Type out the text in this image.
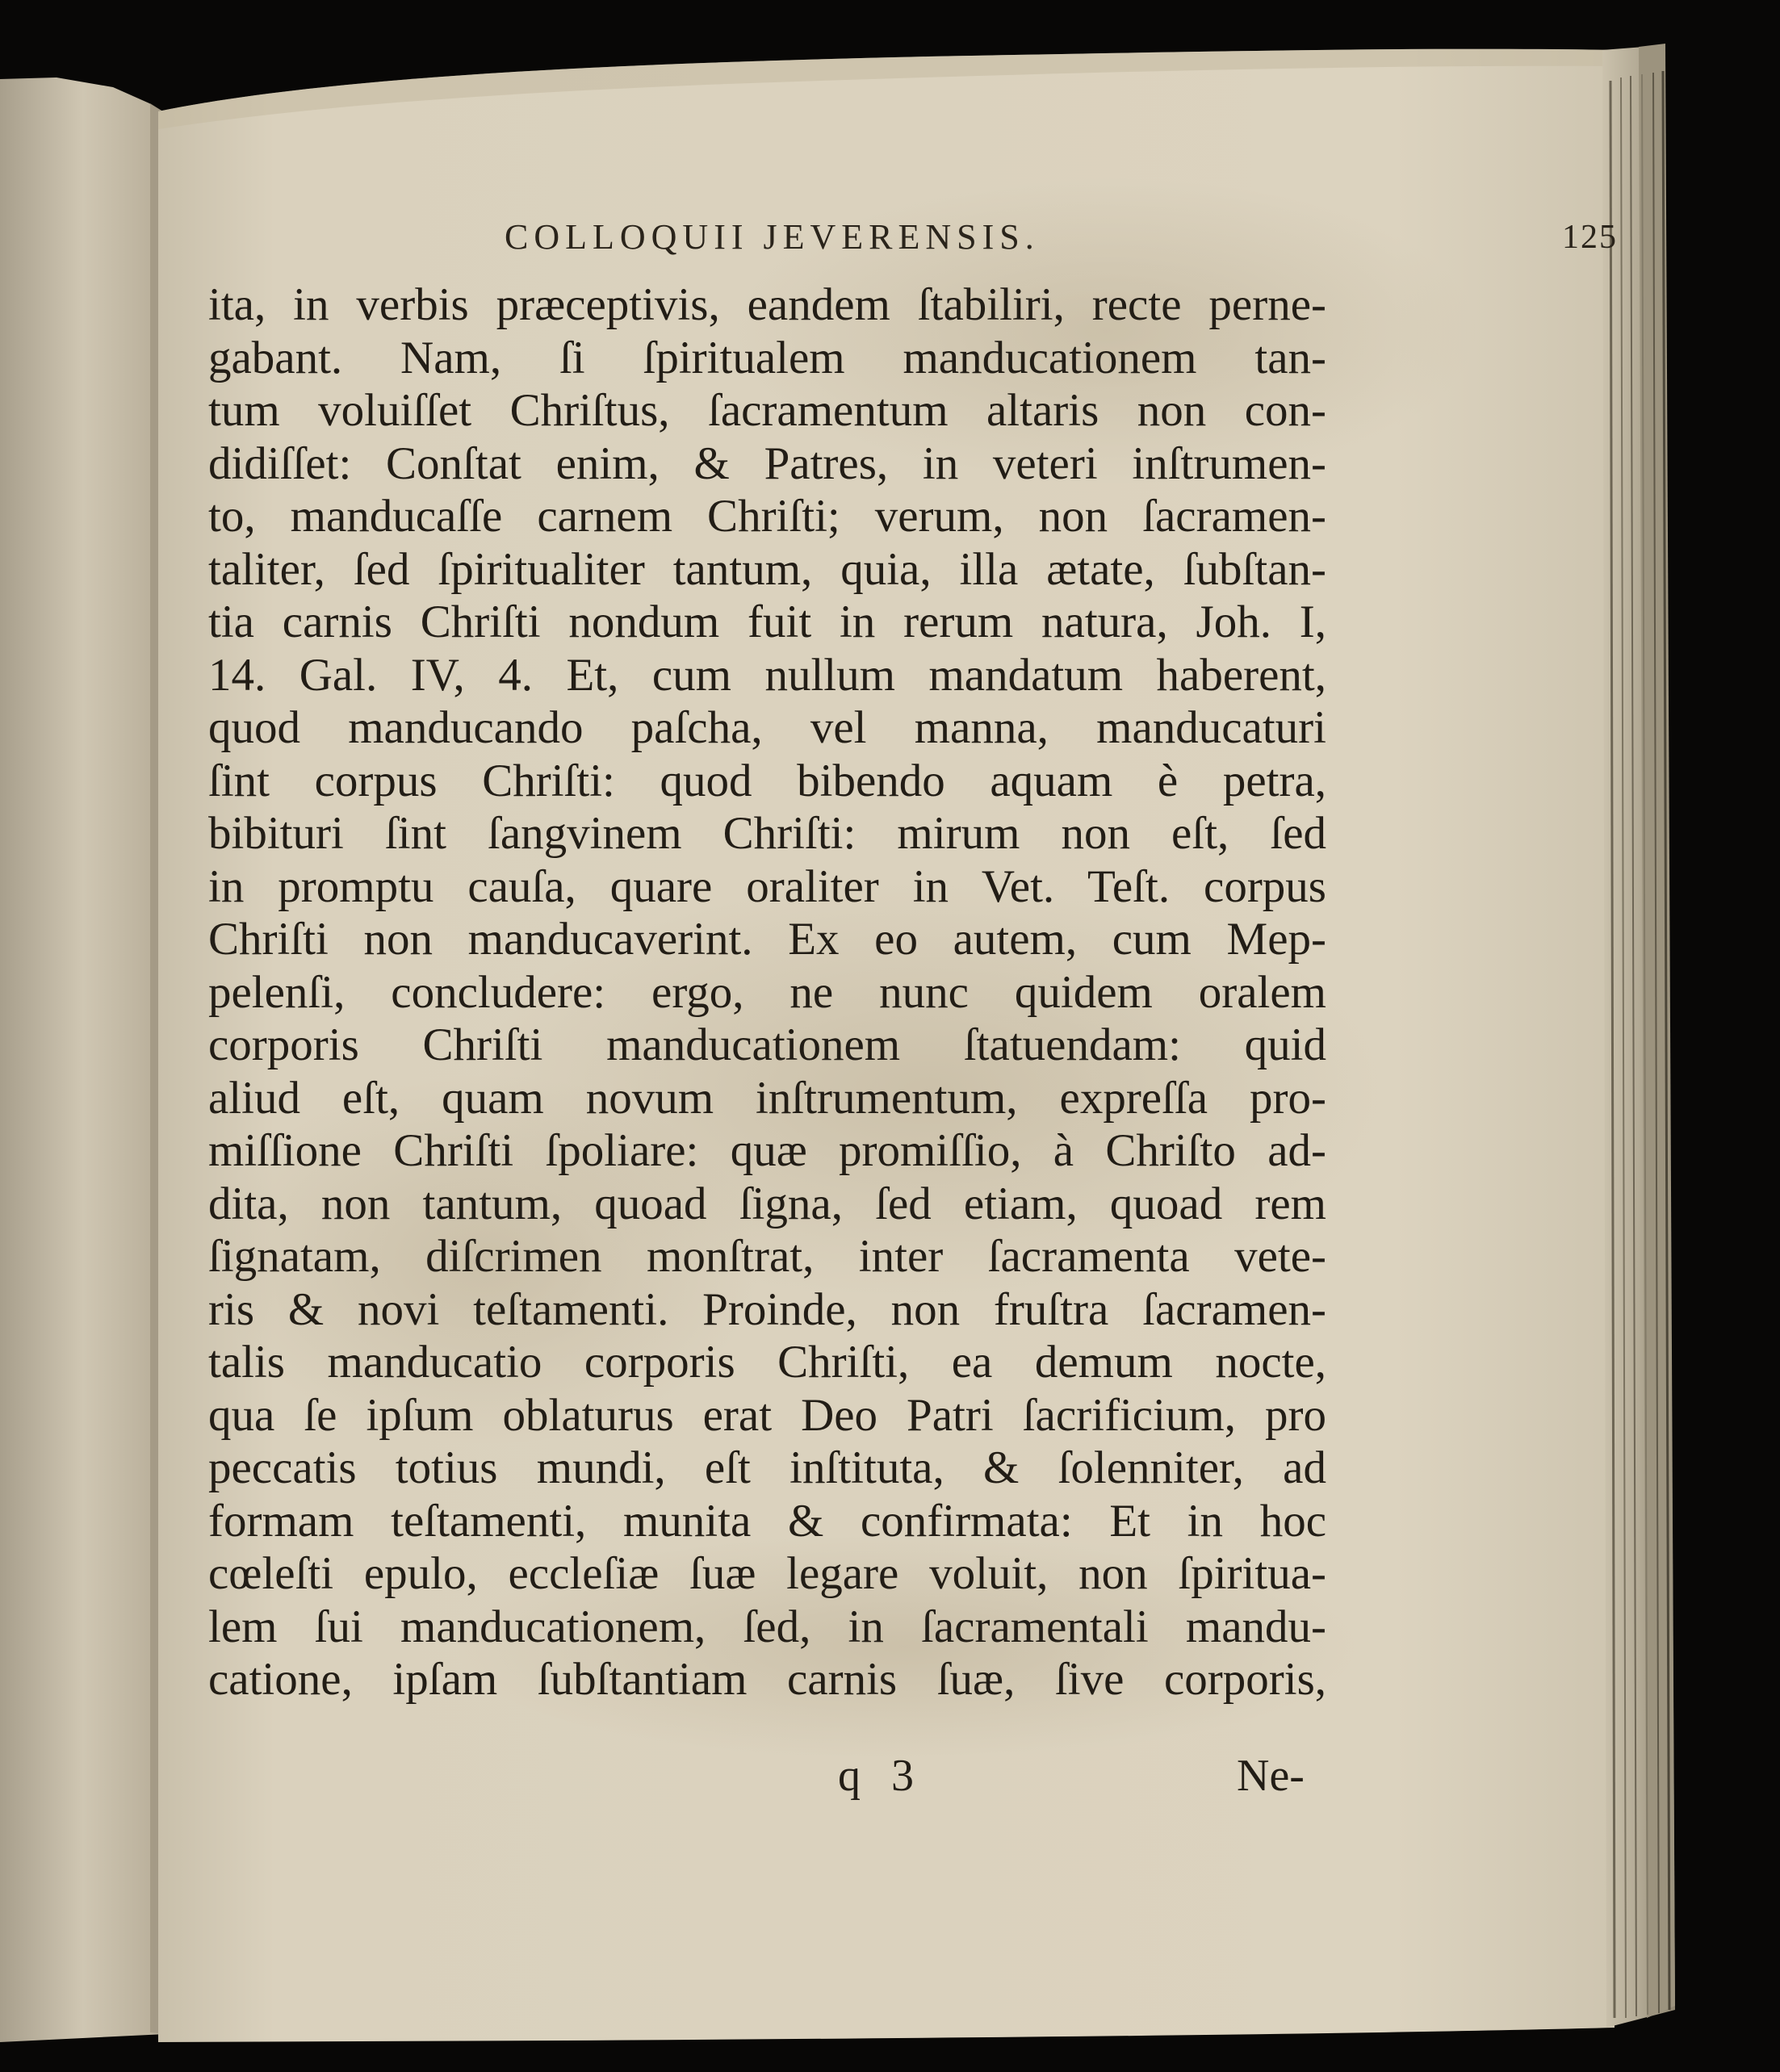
COLLOQUII JEVERENSIS.	125
ita, in verbis præceptivis, eandem ſtabiliri, recte perne-
gabant. Nam, ſi ſpiritualem manducationem tan-
tum voluiſſet Chriſtus, ſacramentum altaris non con-
didiſſet: Conſtat enim, & Patres, in veteri inſtrumen-
to, manducaſſe carnem Chriſti; verum, non ſacramen-
taliter, ſed ſpiritualiter tantum, quia, illa ætate, ſubſtan-
tia carnis Chriſti nondum fuit in rerum natura, Joh. I,
14. Gal. IV, 4. Et, cum nullum mandatum haberent,
quod manducando paſcha, vel manna, manducaturi
ſint corpus Chriſti: quod bibendo aquam è petra,
bibituri ſint ſangvinem Chriſti: mirum non eſt, ſed
in promptu cauſa, quare oraliter in Vet. Teſt. corpus
Chriſti non manducaverint. Ex eo autem, cum Mep-
pelenſi, concludere: ergo, ne nunc quidem oralem
corporis Chriſti manducationem ſtatuendam: quid
aliud eſt, quam novum inſtrumentum, expreſſa pro-
miſſione Chriſti ſpoliare: quæ promiſſio, à Chriſto ad-
dita, non tantum, quoad ſigna, ſed etiam, quoad rem
ſignatam, diſcrimen monſtrat, inter ſacramenta vete-
ris & novi teſtamenti. Proinde, non fruſtra ſacramen-
talis manducatio corporis Chriſti, ea demum nocte,
qua ſe ipſum oblaturus erat Deo Patri ſacrificium, pro
peccatis totius mundi, eſt inſtituta, & ſolenniter, ad
formam teſtamenti, munita & confirmata: Et in hoc
cœleſti epulo, eccleſiæ ſuæ legare voluit, non ſpiritua-
lem ſui manducationem, ſed, in ſacramentali mandu-
catione, ipſam ſubſtantiam carnis ſuæ, ſive corporis,
q 3	Ne-
